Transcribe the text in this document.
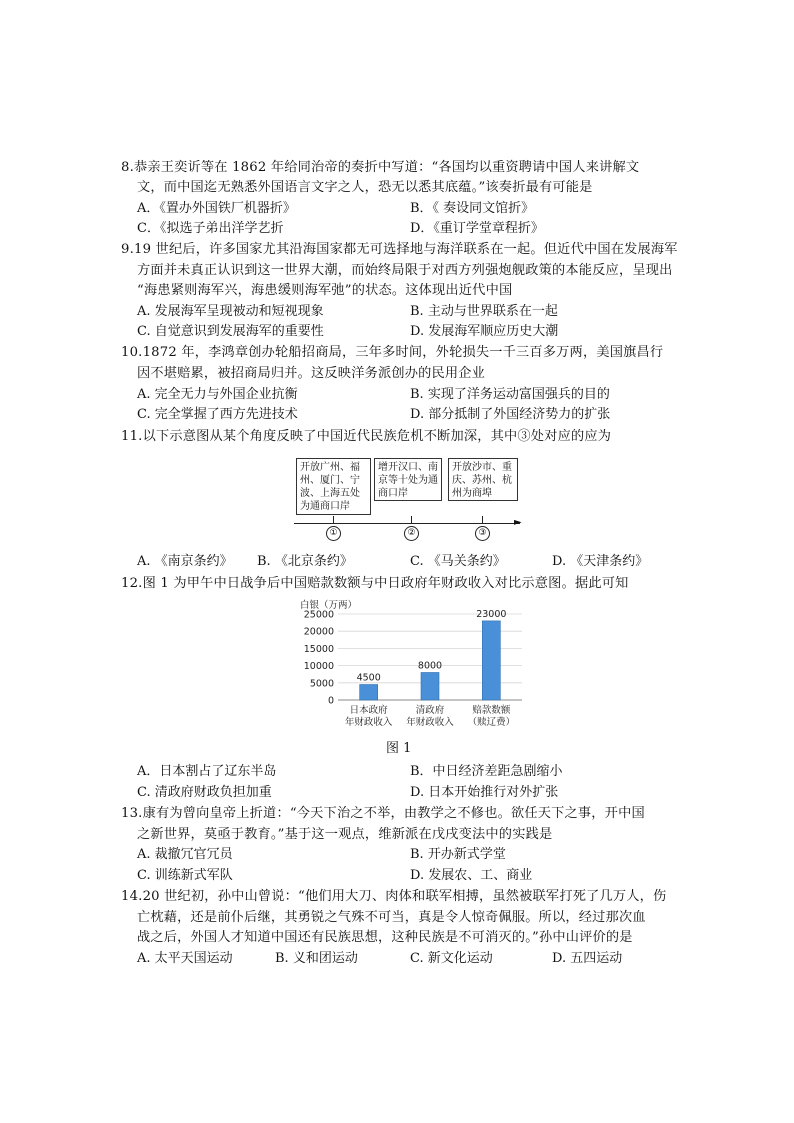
8.恭亲王奕䜣等在 1862 年给同治帝的奏折中写道：“各国均以重资聘请中国人来讲解文
文，而中国迄无熟悉外国语言文字之人，恐无以悉其底蕴。”该奏折最有可能是
A．《置办外国铁厂机器折》	B．《 奏设同文馆折》
C．《拟选子弟出洋学艺折	D．《重订学堂章程折》
9.19 世纪后，许多国家尤其沿海国家都无可选择地与海洋联系在一起。但近代中国在发展海军
方面并未真正认识到这一世界大潮，而始终局限于对西方列强炮舰政策的本能反应，呈现出
“海患紧则海军兴，海患缓则海军弛”的状态。这体现出近代中国
A. 发展海军呈现被动和短视现象	B. 主动与世界联系在一起
C. 自觉意识到发展海军的重要性	D. 发展海军顺应历史大潮
10.1872 年，李鸿章创办轮船招商局，三年多时间，外轮损失一千三百多万两，美国旗昌行
因不堪赔累，被招商局归并。这反映洋务派创办的民用企业
A. 完全无力与外国企业抗衡	B. 实现了洋务运动富国强兵的目的
C. 完全掌握了西方先进技术	D. 部分抵制了外国经济势力的扩张
11.以下示意图从某个角度反映了中国近代民族危机不断加深，其中③处对应的应为
开放广州、福州、厦门、宁波、上海五处为通商口岸
增开汉口、南京等十处为通商口岸
开放沙市、重庆、苏州、杭州为商埠
►
①	②	③
A. 《南京条约》 B. 《北京条约》	C. 《马关条约》	D. 《天津条约》
12.图 1 为甲午中日战争后中国赔款数额与中日政府年财政收入对比示意图。据此可知
白银（万两）
0
5000
10000
15000
20000
25000
4500
日本政府
年财政收入
8000
清政府
年财政收入
23000
赔款数额
（赎辽费）
图 1
A．日本割占了辽东半岛	B．中日经济差距急剧缩小
C. 清政府财政负担加重	D. 日本开始推行对外扩张
13.康有为曾向皇帝上折道：“今天下治之不举，由教学之不修也。欲任天下之事，开中国
之新世界，莫亟于教育。”基于这一观点，维新派在戊戌变法中的实践是
A. 裁撤冗官冗员	B. 开办新式学堂
C. 训练新式军队	D. 发展农、工、商业
14.20 世纪初，孙中山曾说：“他们用大刀、肉体和联军相搏，虽然被联军打死了几万人，伤
亡枕藉，还是前仆后继，其勇锐之气殊不可当，真是令人惊奇佩服。所以，经过那次血
战之后，外国人才知道中国还有民族思想，这种民族是不可消灭的。”孙中山评价的是
A. 太平天国运动	B. 义和团运动	C. 新文化运动	D. 五四运动
